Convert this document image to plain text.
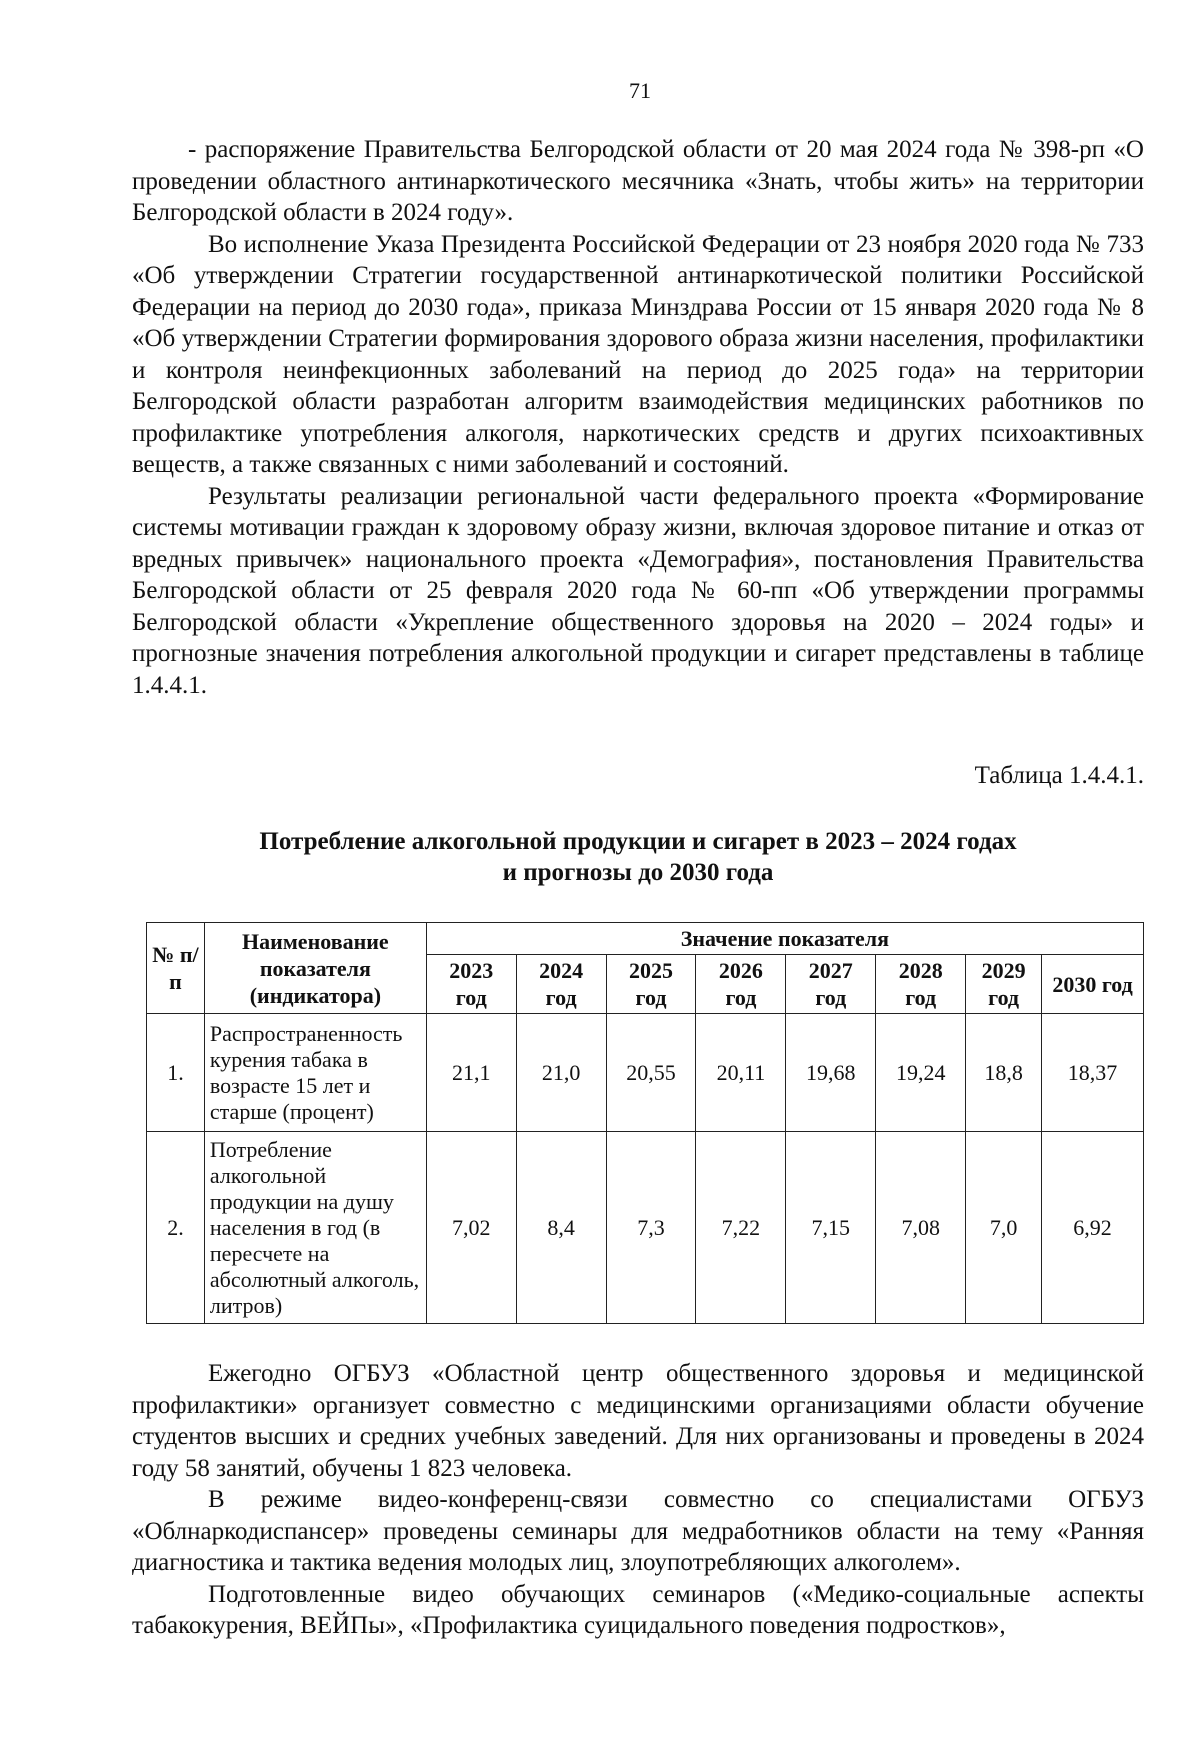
71

- распоряжение Правительства Белгородской области от 20 мая 2024 года № 398-рп «О проведении областного антинаркотического месячника «Знать, чтобы жить» на территории Белгородской области в 2024 году».

Во исполнение Указа Президента Российской Федерации от 23 ноября 2020 года № 733 «Об утверждении Стратегии государственной антинаркотической политики Российской Федерации на период до 2030 года», приказа Минздрава России от 15 января 2020 года № 8 «Об утверждении Стратегии формирования здорового образа жизни населения, профилактики и контроля неинфекционных заболеваний на период до 2025 года» на территории Белгородской области разработан алгоритм взаимодействия медицинских работников по профилактике употребления алкоголя, наркотических средств и других психоактивных веществ, а также связанных с ними заболеваний и состояний.

Результаты реализации региональной части федерального проекта «Формирование системы мотивации граждан к здоровому образу жизни, включая здоровое питание и отказ от вредных привычек» национального проекта «Демография», постановления Правительства Белгородской области от 25 февраля 2020 года № 60-пп «Об утверждении программы Белгородской области «Укрепление общественного здоровья на 2020 – 2024 годы» и прогнозные значения потребления алкогольной продукции и сигарет представлены в таблице 1.4.4.1.

Таблица 1.4.4.1.
Потребление алкогольной продукции и сигарет в 2023 – 2024 годах
и прогнозы до 2030 года
№ п/п	Наименование показателя (индикатора)	Значение показателя							
		2023 год	2024 год	2025 год	2026 год	2027 год	2028 год	2029 год	2030 год
1.	Распространенность курения табака в возрасте 15 лет и старше (процент)	21,1	21,0	20,55	20,11	19,68	19,24	18,8	18,37
2.	Потребление алкогольной продукции на душу населения в год (в пересчете на абсолютный алкоголь, литров)	7,02	8,4	7,3	7,22	7,15	7,08	7,0	6,92

Ежегодно ОГБУЗ «Областной центр общественного здоровья и медицинской профилактики» организует совместно с медицинскими организациями области обучение студентов высших и средних учебных заведений. Для них организованы и проведены в 2024 году 58 занятий, обучены 1 823 человека.

В режиме видео-конференц-связи совместно со специалистами ОГБУЗ «Облнаркодиспансер» проведены семинары для медработников области на тему «Ранняя диагностика и тактика ведения молодых лиц, злоупотребляющих алкоголем».

Подготовленные видео обучающих семинаров («Медико-социальные аспекты табакокурения, ВЕЙПы», «Профилактика суицидального поведения подростков»,
